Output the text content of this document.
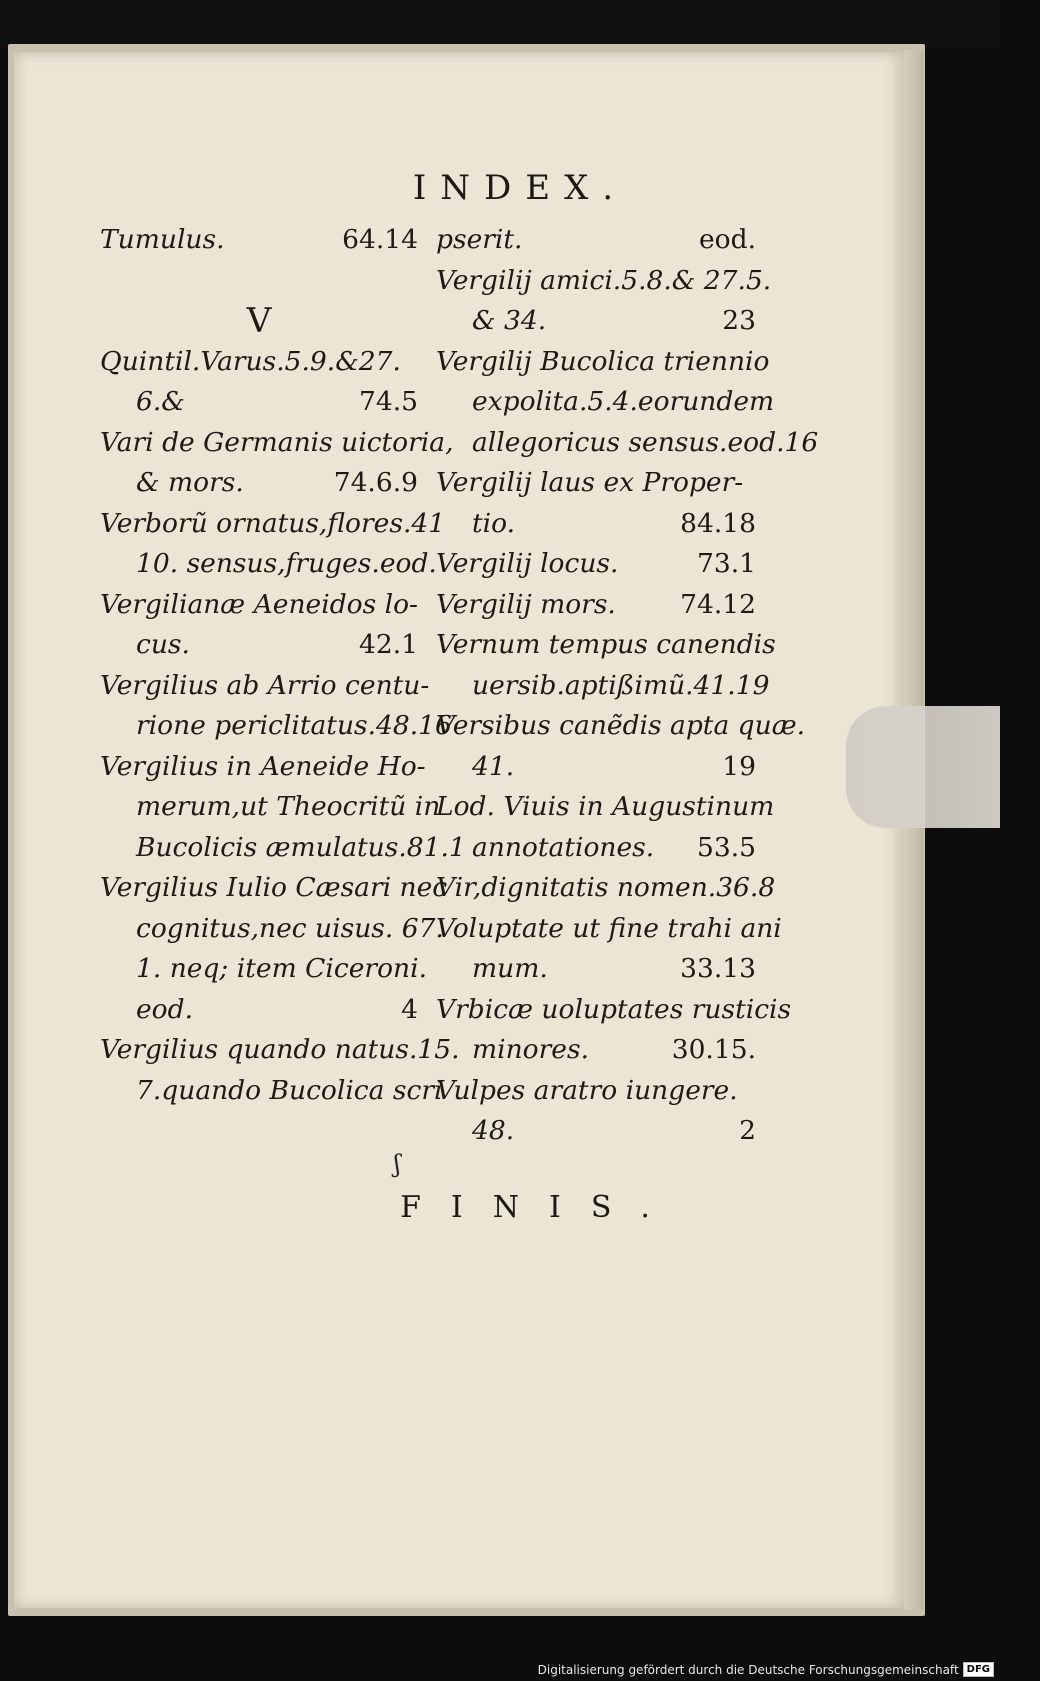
INDEX.
Tumulus.	64.14
V
Quintil.Varus.5.9.&27.
6.&	74.5
Vari de Germanis uictoria,
& mors.	74.6.9
Verborũ ornatus,flores.41
10. sensus,fruges.eod.
Vergilianæ Aeneidos lo-
cus.	42.1
Vergilius ab Arrio centu-
rione periclitatus.48.16
Vergilius in Aeneide Ho-
merum,ut Theocritũ in
Bucolicis æmulatus.81.1
Vergilius Iulio Cæsari nec
cognitus,nec uisus. 67.
1. neq; item Ciceroni.
eod.	4
Vergilius quando natus.15.
7.quando Bucolica scri
pserit.	eod.
Vergilij amici.5.8.& 27.5.
& 34.	23
Vergilij Bucolica triennio
expolita.5.4.eorundem
allegoricus sensus.eod.16
Vergilij laus ex Proper-
tio.	84.18
Vergilij locus.	73.1
Vergilij mors. 74.12
Vernum tempus canendis
uersib.aptißimũ.41.19
Versibus canẽdis apta quæ.
41.	19
Lod. Viuis in Augustinum
annotationes. 53.5
Vir,dignitatis nomen.36.8
Voluptate ut fine trahi ani
mum.	33.13
Vrbicæ uoluptates rusticis
minores.	30.15.
Vulpes aratro iungere.
48.	2
ʃ
FINIS.
Digitalisierung gefördert durch die Deutsche Forschungsgemeinschaft DFG
